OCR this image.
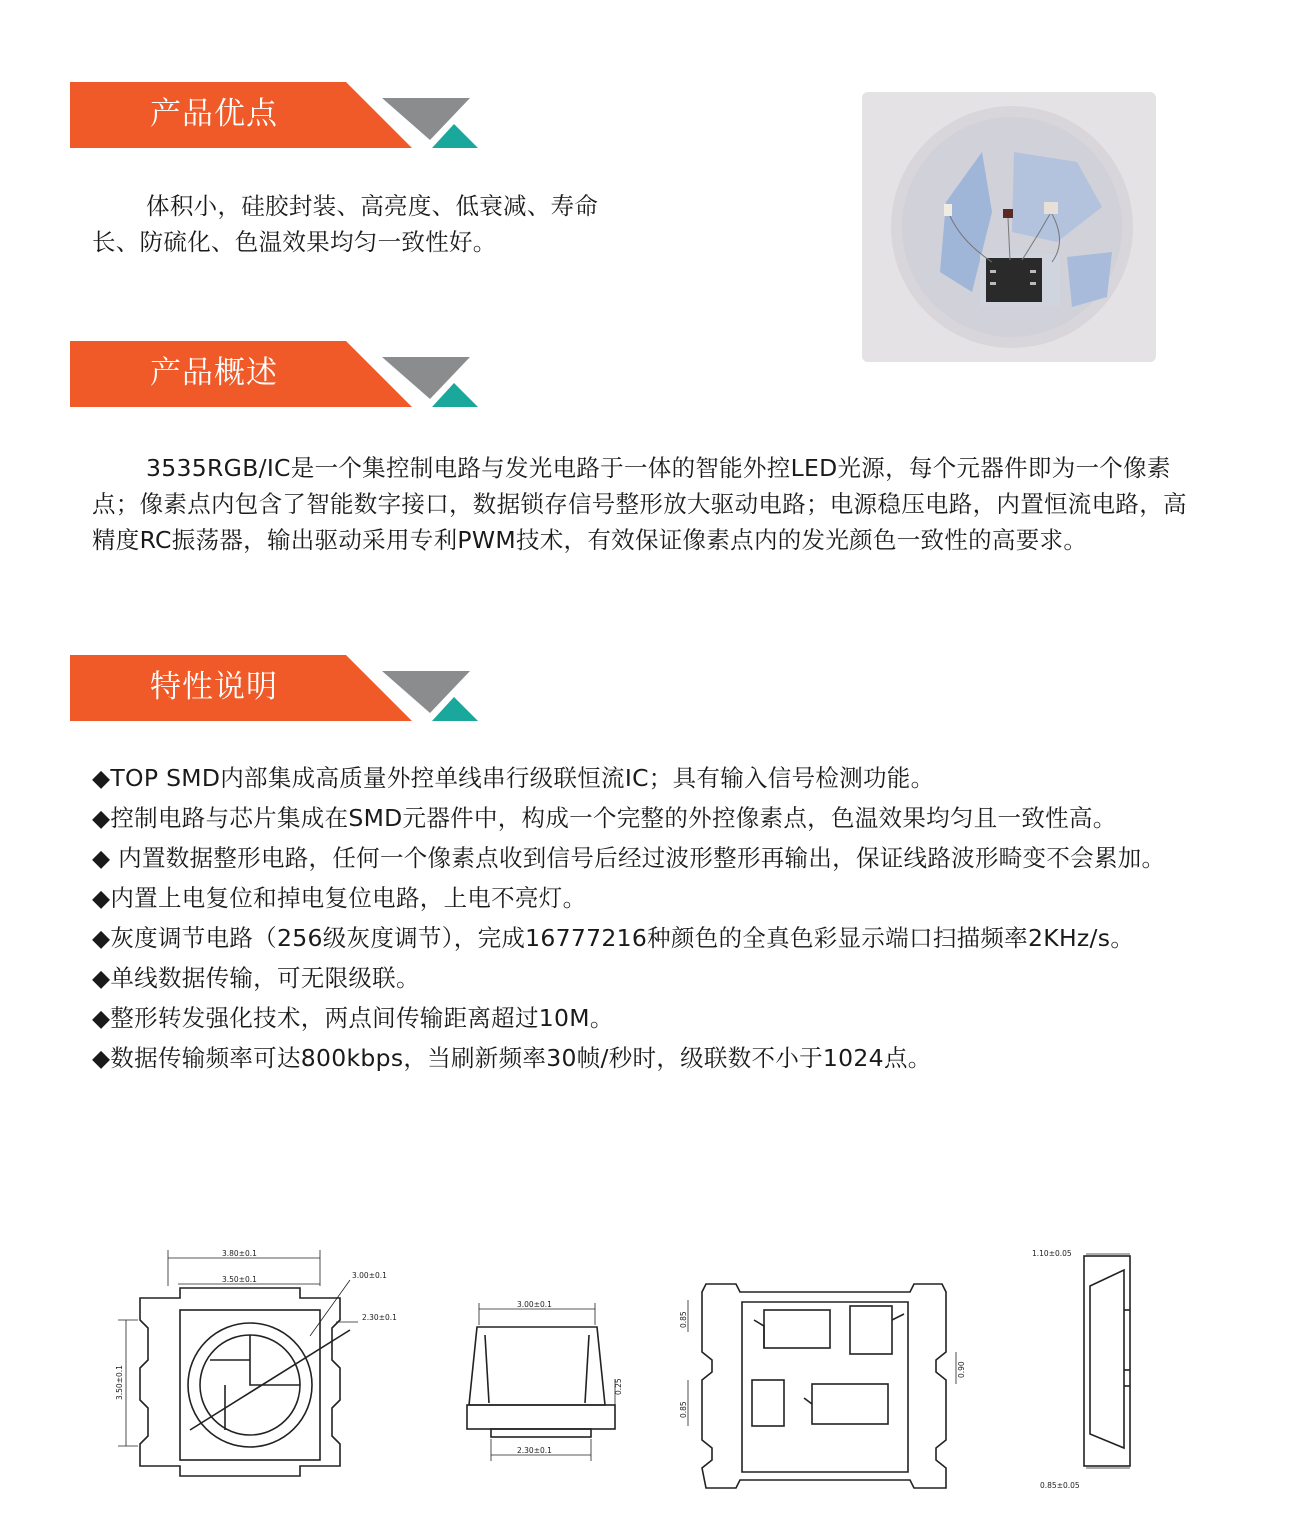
产品优点

体积小，硅胶封装、高亮度、低衰减、寿命

长、防硫化、色温效果均匀一致性好。

产品概述

3535RGB/IC是一个集控制电路与发光电路于一体的智能外控LED光源，每个元器件即为一个像素点；像素点内包含了智能数字接口，数据锁存信号整形放大驱动电路；电源稳压电路，内置恒流电路，高精度RC振荡器，输出驱动采用专利PWM技术，有效保证像素点内的发光颜色一致性的高要求。

特性说明

◆TOP SMD内部集成高质量外控单线串行级联恒流IC；具有输入信号检测功能。

◆控制电路与芯片集成在SMD元器件中，构成一个完整的外控像素点，色温效果均匀且一致性高。

◆ 内置数据整形电路，任何一个像素点收到信号后经过波形整形再输出，保证线路波形畸变不会累加。

◆内置上电复位和掉电复位电路，上电不亮灯。

◆灰度调节电路（256级灰度调节），完成16777216种颜色的全真色彩显示端口扫描频率2KHz/s。

◆单线数据传输，可无限级联。

◆整形转发强化技术，两点间传输距离超过10M。

◆数据传输频率可达800kbps，当刷新频率30帧/秒时，级联数不小于1024点。

3.80±0.1
3.50±0.1	3.00±0.1
2.30±0.1
3.50±0.1
3.00±0.1
2.30±0.1
0.25
0.85
0.85
0.90
1.10±0.05
0.85±0.05
